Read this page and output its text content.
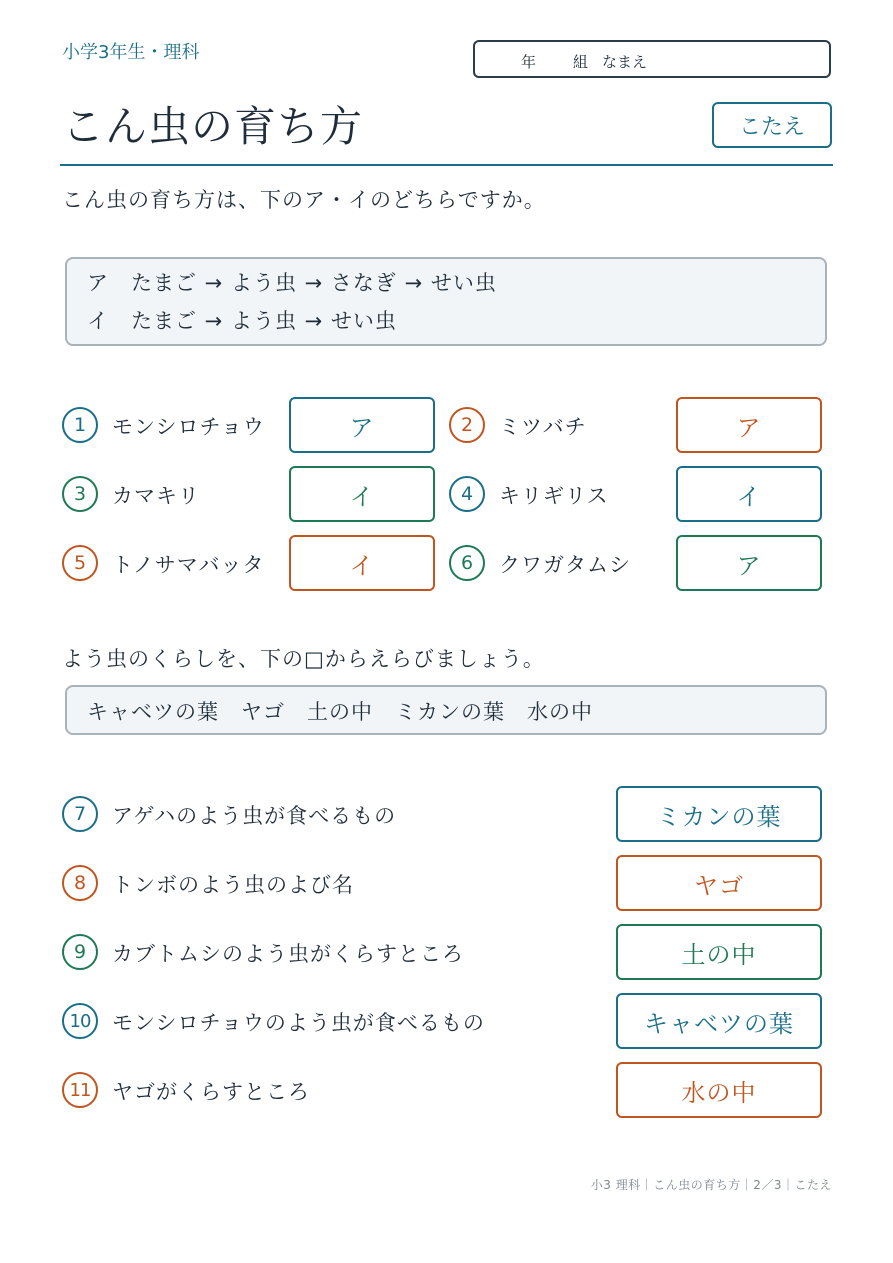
小学3年生・理科	年 組 なまえ
こん虫の育ち方	こたえ
こん虫の育ち方は、下のア・イのどちらですか。
ア　たまご → よう虫 → さなぎ → せい虫
イ　たまご → よう虫 → せい虫
1	モンシロチョウ	ア	2	ミツバチ	ア
3	カマキリ	イ	4	キリギリス	イ
5	トノサマバッタ	イ	6	クワガタムシ	ア
よう虫のくらしを、下の□からえらびましょう。
キャベツの葉　ヤゴ　土の中　ミカンの葉　水の中
7	アゲハのよう虫が食べるもの	ミカンの葉
8	トンボのよう虫のよび名	ヤゴ
9	カブトムシのよう虫がくらすところ	土の中
10	モンシロチョウのよう虫が食べるもの	キャベツの葉
11	ヤゴがくらすところ	水の中
小3 理科｜こん虫の育ち方｜2／3｜こたえ
